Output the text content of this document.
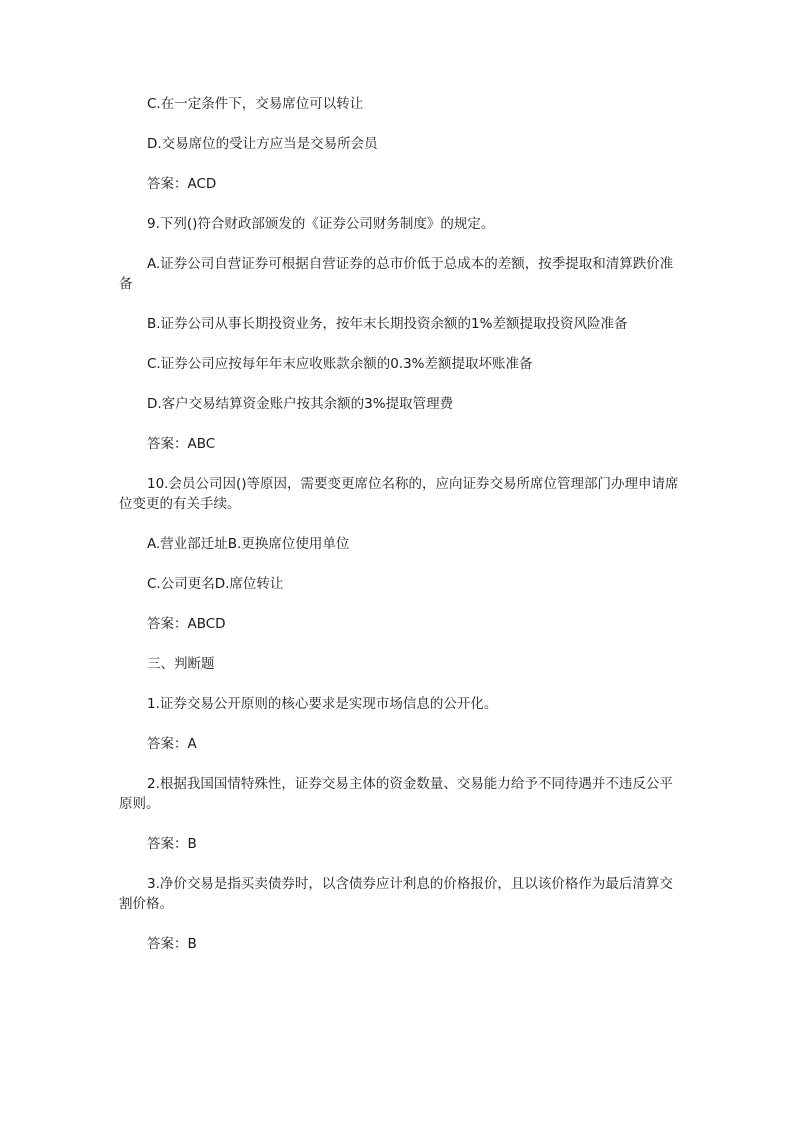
C.在一定条件下，交易席位可以转让

D.交易席位的受让方应当是交易所会员

答案：ACD

9.下列()符合财政部颁发的《证券公司财务制度》的规定。

A.证券公司自营证券可根据自营证券的总市价低于总成本的差额，按季提取和清算跌价准备

B.证券公司从事长期投资业务，按年末长期投资余额的1%差额提取投资风险准备

C.证券公司应按每年年末应收账款余额的0.3%差额提取坏账准备

D.客户交易结算资金账户按其余额的3%提取管理费

答案：ABC

10.会员公司因()等原因，需要变更席位名称的，应向证券交易所席位管理部门办理申请席位变更的有关手续。

A.营业部迁址B.更换席位使用单位

C.公司更名D.席位转让

答案：ABCD

三、判断题

1.证券交易公开原则的核心要求是实现市场信息的公开化。

答案：A

2.根据我国国情特殊性，证券交易主体的资金数量、交易能力给予不同待遇并不违反公平原则。

答案：B

3.净价交易是指买卖债券时，以含债券应计利息的价格报价，且以该价格作为最后清算交割价格。

答案：B
